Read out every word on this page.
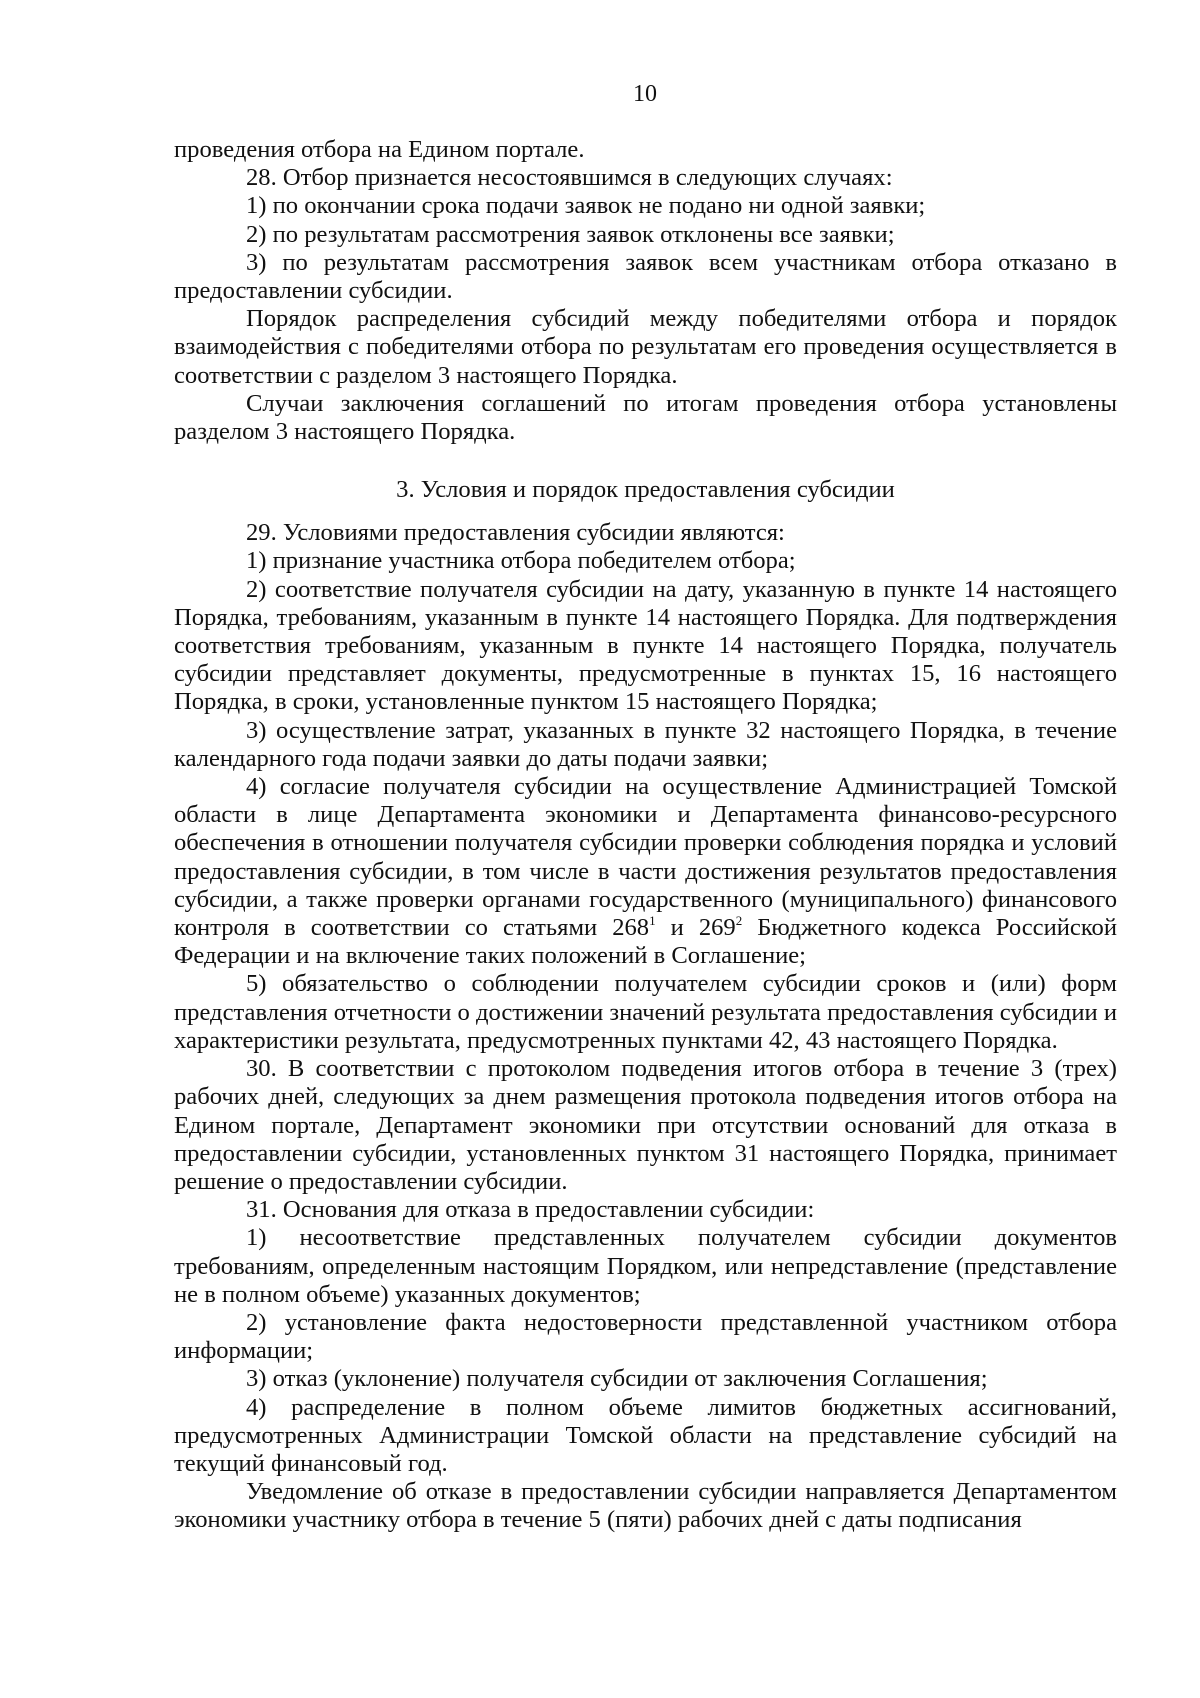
10

проведения отбора на Едином портале.

28. Отбор признается несостоявшимся в следующих случаях:

1) по окончании срока подачи заявок не подано ни одной заявки;

2) по результатам рассмотрения заявок отклонены все заявки;

3) по результатам рассмотрения заявок всем участникам отбора отказано в предоставлении субсидии.

Порядок распределения субсидий между победителями отбора и порядок взаимодействия с победителями отбора по результатам его проведения осуществляется в соответствии с разделом 3 настоящего Порядка.

Случаи заключения соглашений по итогам проведения отбора установлены разделом 3 настоящего Порядка.

3. Условия и порядок предоставления субсидии

29. Условиями предоставления субсидии являются:

1) признание участника отбора победителем отбора;

2) соответствие получателя субсидии на дату, указанную в пункте 14 настоящего Порядка, требованиям, указанным в пункте 14 настоящего Порядка. Для подтверждения соответствия требованиям, указанным в пункте 14 настоящего Порядка, получатель субсидии представляет документы, предусмотренные в пунктах 15, 16 настоящего Порядка, в сроки, установленные пунктом 15 настоящего Порядка;

3) осуществление затрат, указанных в пункте 32 настоящего Порядка, в течение календарного года подачи заявки до даты подачи заявки;

4) согласие получателя субсидии на осуществление Администрацией Томской области в лице Департамента экономики и Департамента финансово-ресурсного обеспечения в отношении получателя субсидии проверки соблюдения порядка и условий предоставления субсидии, в том числе в части достижения результатов предоставления субсидии, а также проверки органами государственного (муниципального) финансового контроля в соответствии со статьями $268^1$ и $269^2$ Бюджетного кодекса Российской Федерации и на включение таких положений в Соглашение;

5) обязательство о соблюдении получателем субсидии сроков и (или) форм представления отчетности о достижении значений результата предоставления субсидии и характеристики результата, предусмотренных пунктами 42, 43 настоящего Порядка.

30. В соответствии с протоколом подведения итогов отбора в течение 3 (трех) рабочих дней, следующих за днем размещения протокола подведения итогов отбора на Едином портале, Департамент экономики при отсутствии оснований для отказа в предоставлении субсидии, установленных пунктом 31 настоящего Порядка, принимает решение о предоставлении субсидии.

31. Основания для отказа в предоставлении субсидии:

1) несоответствие представленных получателем субсидии документов требованиям, определенным настоящим Порядком, или непредставление (представление не в полном объеме) указанных документов;

2) установление факта недостоверности представленной участником отбора информации;

3) отказ (уклонение) получателя субсидии от заключения Соглашения;

4) распределение в полном объеме лимитов бюджетных ассигнований, предусмотренных Администрации Томской области на представление субсидий на текущий финансовый год.

Уведомление об отказе в предоставлении субсидии направляется Департаментом экономики участнику отбора в течение 5 (пяти) рабочих дней с даты подписания
